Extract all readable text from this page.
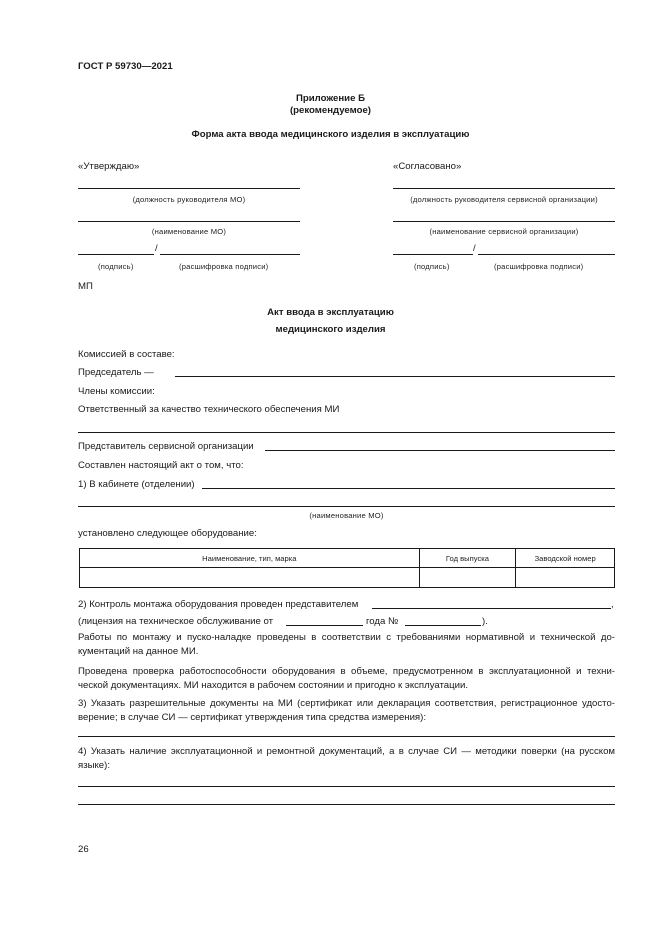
ГОСТ Р 59730—2021
Приложение Б
(рекомендуемое)
Форма акта ввода медицинского изделия в эксплуатацию
«Утверждаю»
(должность руководителя МО)
(наименование МО)
/
(подпись)	(расшифровка подписи)
МП
«Согласовано»
(должность руководителя сервисной организации)
(наименование сервисной организации)
/
(подпись)	(расшифровка подписи)
Акт ввода в эксплуатацию
медицинского изделия
Комиссией в составе:
Председатель —
Члены комиссии:
Ответственный за качество технического обеспечения МИ
Представитель сервисной организации
Составлен настоящий акт о том, что:
1) В кабинете (отделении)
(наименование МО)
установлено следующее оборудование:
Наименование, тип, марка	Год выпуска	Заводской номер

2) Контроль монтажа оборудования проведен представителем	,
(лицензия на техническое обслуживание от	года №	).
Работы по монтажу и пуско-наладке проведены в соответствии с требованиями нормативной и технической до-кументаций на данное МИ.
Проведена проверка работоспособности оборудования в объеме, предусмотренном в эксплуатационной и техни-ческой документациях. МИ находится в рабочем состоянии и пригодно к эксплуатации.
3) Указать разрешительные документы на МИ (сертификат или декларация соответствия, регистрационное удосто-верение; в случае СИ — сертификат утверждения типа средства измерения):
4) Указать наличие эксплуатационной и ремонтной документаций, а в случае СИ — методики поверки (на русском языке):
26
